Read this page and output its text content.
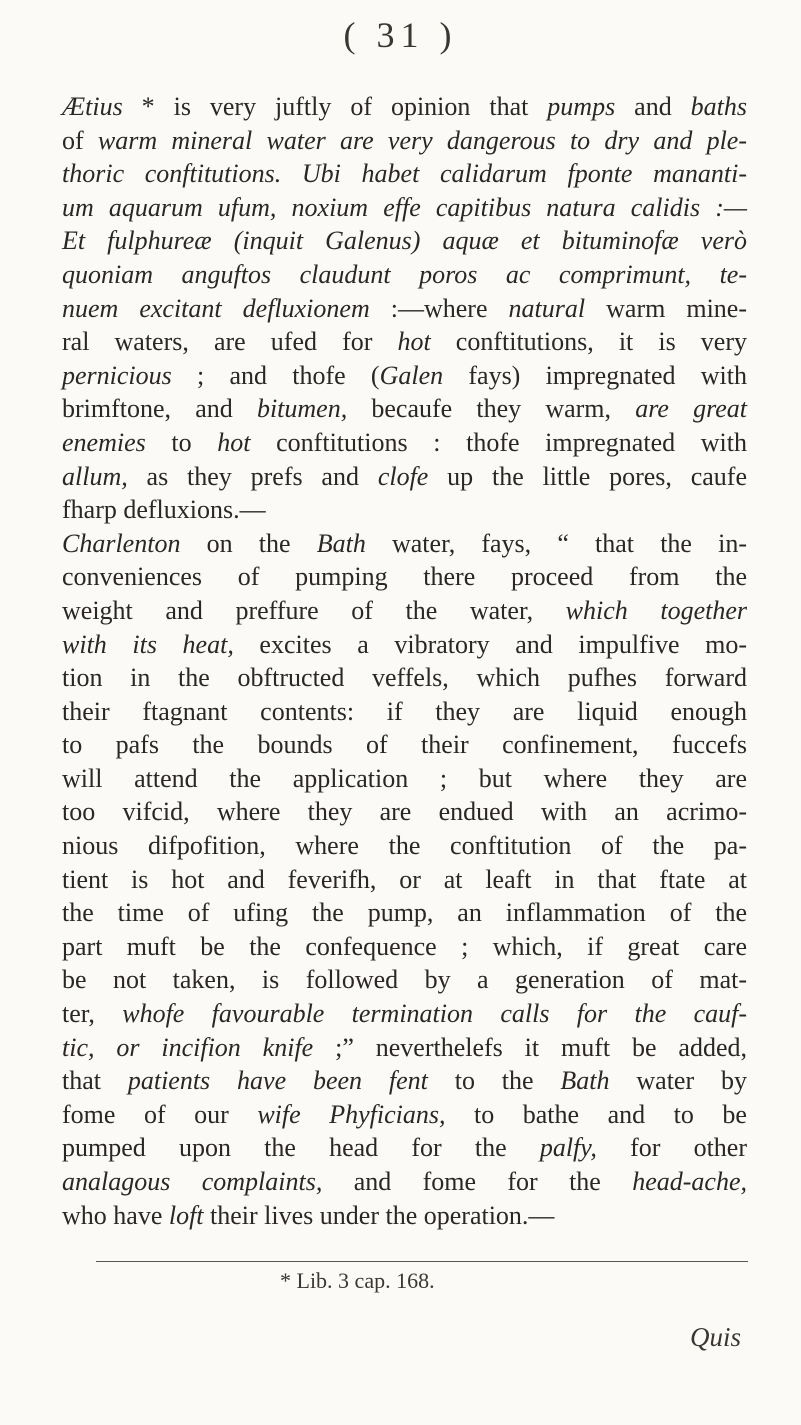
( 31 )
Ætius * is very juftly of opinion that pumps and baths
of warm mineral water are very dangerous to dry and ple-
thoric conftitutions. Ubi habet calidarum fponte mananti-
um aquarum ufum, noxium effe capitibus natura calidis :—
Et fulphureæ (inquit Galenus) aquæ et bituminofæ verò
quoniam anguftos claudunt poros ac comprimunt, te-
nuem excitant defluxionem :—where natural warm mine-
ral waters, are ufed for hot conftitutions, it is very
pernicious ; and thofe (Galen fays) impregnated with
brimftone, and bitumen, becaufe they warm, are great
enemies to hot conftitutions : thofe impregnated with
allum, as they prefs and clofe up the little pores, caufe
fharp defluxions.—
Charlenton on the Bath water, fays, “ that the in-
conveniences of pumping there proceed from the
weight and preffure of the water, which together
with its heat, excites a vibratory and impulfive mo-
tion in the obftructed veffels, which pufhes forward
their ftagnant contents: if they are liquid enough
to pafs the bounds of their confinement, fuccefs
will attend the application ; but where they are
too vifcid, where they are endued with an acrimo-
nious difpofition, where the conftitution of the pa-
tient is hot and feverifh, or at leaft in that ftate at
the time of ufing the pump, an inflammation of the
part muft be the confequence ; which, if great care
be not taken, is followed by a generation of mat-
ter, whofe favourable termination calls for the cauf-
tic, or incifion knife ;” neverthelefs it muft be added,
that patients have been fent to the Bath water by
fome of our wife Phyficians, to bathe and to be
pumped upon the head for the palfy, for other
analagous complaints, and fome for the head-ache,
who have loft their lives under the operation.—
* Lib. 3 cap. 168.
Quis
